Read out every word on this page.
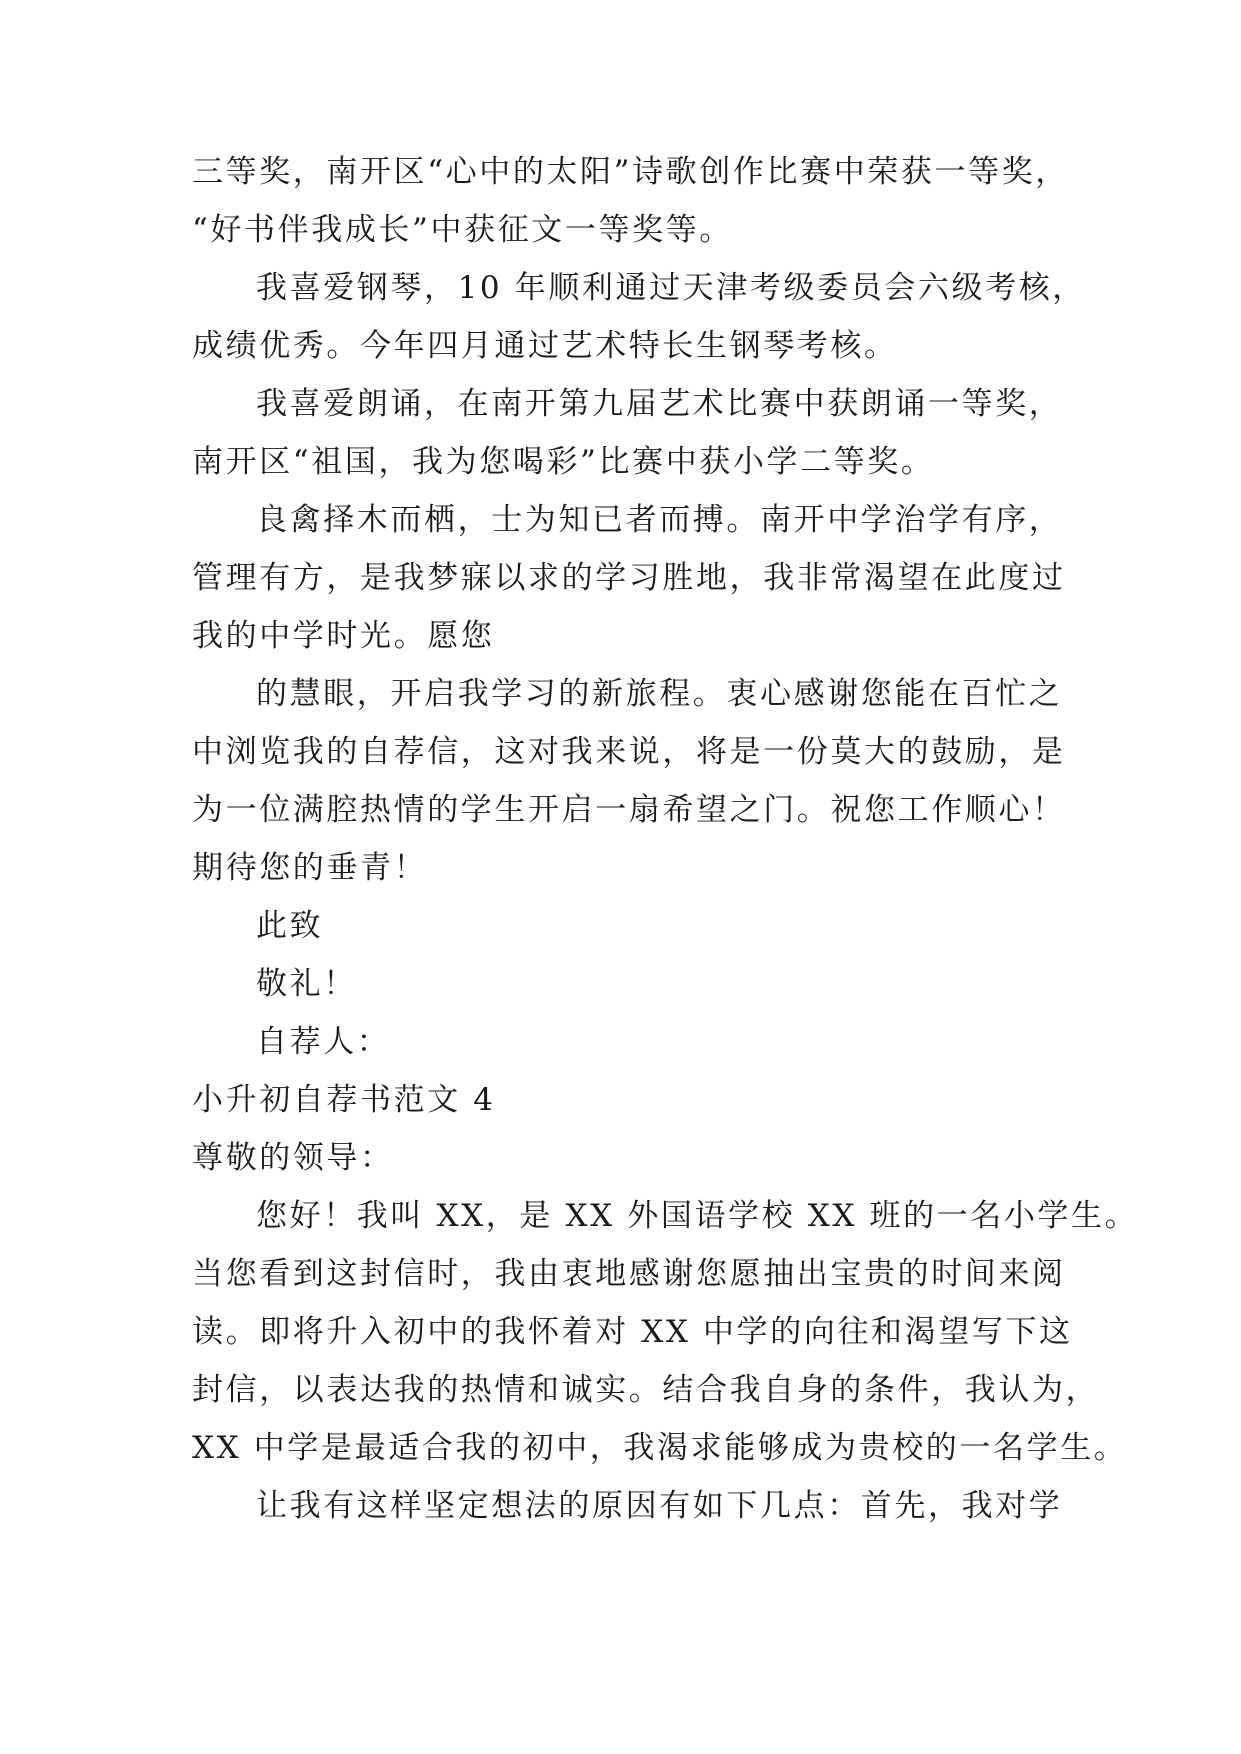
三等奖，南开区“心中的太阳”诗歌创作比赛中荣获一等奖，
“好书伴我成长”中获征文一等奖等。
我喜爱钢琴，10 年顺利通过天津考级委员会六级考核，
成绩优秀。今年四月通过艺术特长生钢琴考核。
我喜爱朗诵，在南开第九届艺术比赛中获朗诵一等奖，
南开区“祖国，我为您喝彩”比赛中获小学二等奖。
良禽择木而栖，士为知已者而搏。南开中学治学有序，
管理有方，是我梦寐以求的学习胜地，我非常渴望在此度过
我的中学时光。愿您
的慧眼，开启我学习的新旅程。衷心感谢您能在百忙之
中浏览我的自荐信，这对我来说，将是一份莫大的鼓励，是
为一位满腔热情的学生开启一扇希望之门。祝您工作顺心！
期待您的垂青！
此致
敬礼！
自荐人：
小升初自荐书范文 4
尊敬的领导：
您好！我叫 XX，是 XX 外国语学校 XX 班的一名小学生。
当您看到这封信时，我由衷地感谢您愿抽出宝贵的时间来阅
读。即将升入初中的我怀着对 XX 中学的向往和渴望写下这
封信，以表达我的热情和诚实。结合我自身的条件，我认为，
XX 中学是最适合我的初中，我渴求能够成为贵校的一名学生。
让我有这样坚定想法的原因有如下几点：首先，我对学
